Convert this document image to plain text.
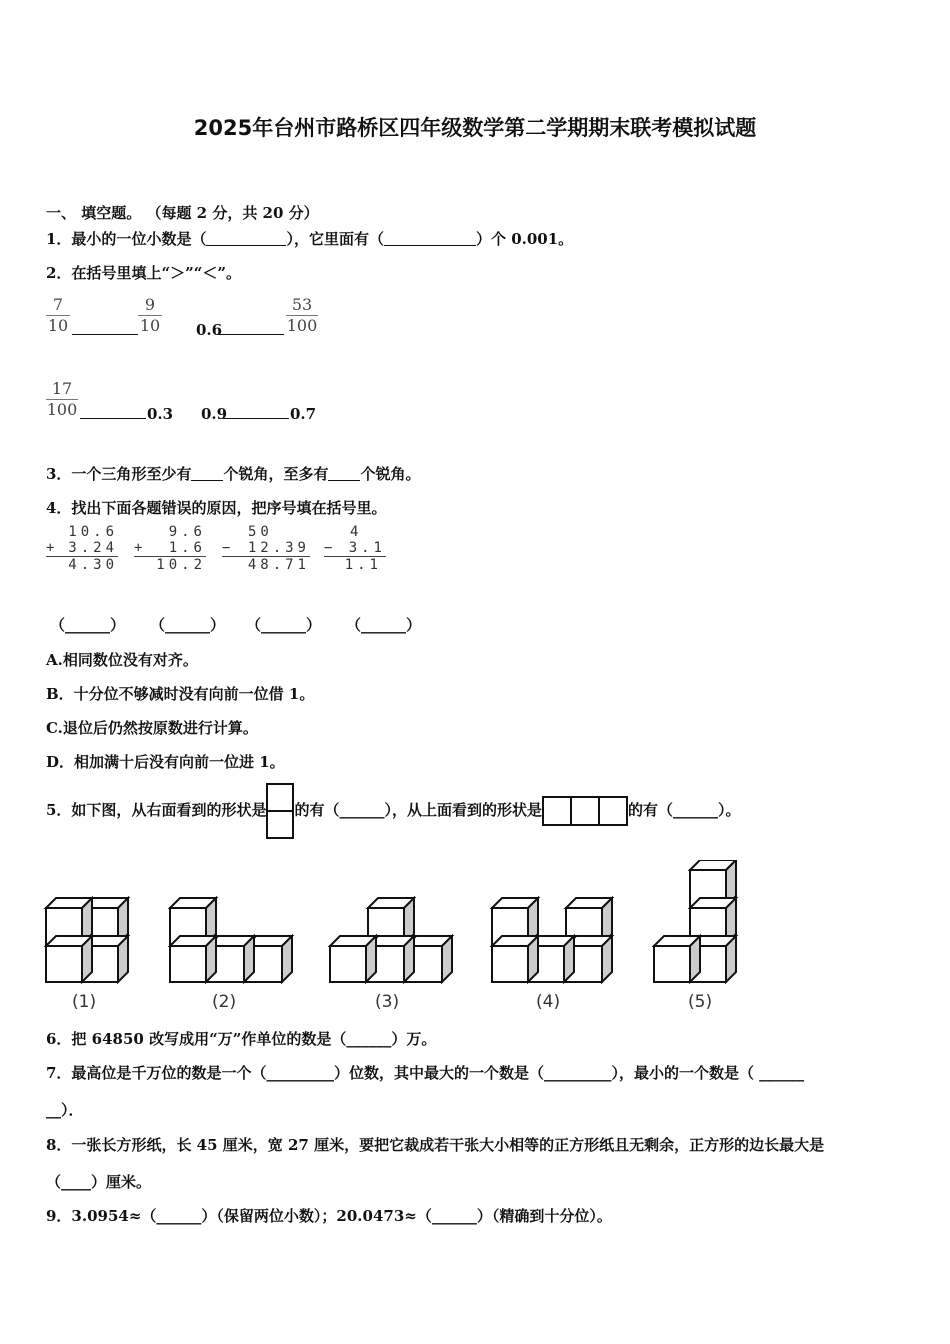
2025年台州市路桥区四年级数学第二学期期末联考模拟试题
一、 填空题。 （每题 2 分，共 20 分）
1．最小的一位小数是（	），它里面有（	）个 0.001。
2．在括号里填上“＞”“＜”。
7
10
9
10 0.6
53
100
17
100	0.3 0.9	0.7
3．一个三角形至少有 个锐角，至多有 个锐角。
4．找出下面各题错误的原因，把序号填在括号里。
10.6
+ 3.24
4.30
9.6
+ 1.6
10.2
50
− 12.39
48.71
4
− 3.1
1.1
（______） （______） （______） （______）
A.相同数位没有对齐。
B．十分位不够减时没有向前一位借 1。
C.退位后仍然按原数进行计算。
D．相加满十后没有向前一位进 1。
5．如下图，从右面看到的形状是 的有（______），从上面看到的形状是	的有（______）。
(1)	(2)	(3)	(4)	(5)
6．把 64850 改写成用“万”作单位的数是（______）万。
7．最高位是千万位的数是一个（_________）位数，其中最大的一个数是（_________），最小的一个数是（ ______
__）．
8．一张长方形纸，长 45 厘米，宽 27 厘米，要把它裁成若干张大小相等的正方形纸且无剩余，正方形的边长最大是
（____）厘米。
9．3.0954≈（______）（保留两位小数）；20.0473≈（______）（精确到十分位）。
